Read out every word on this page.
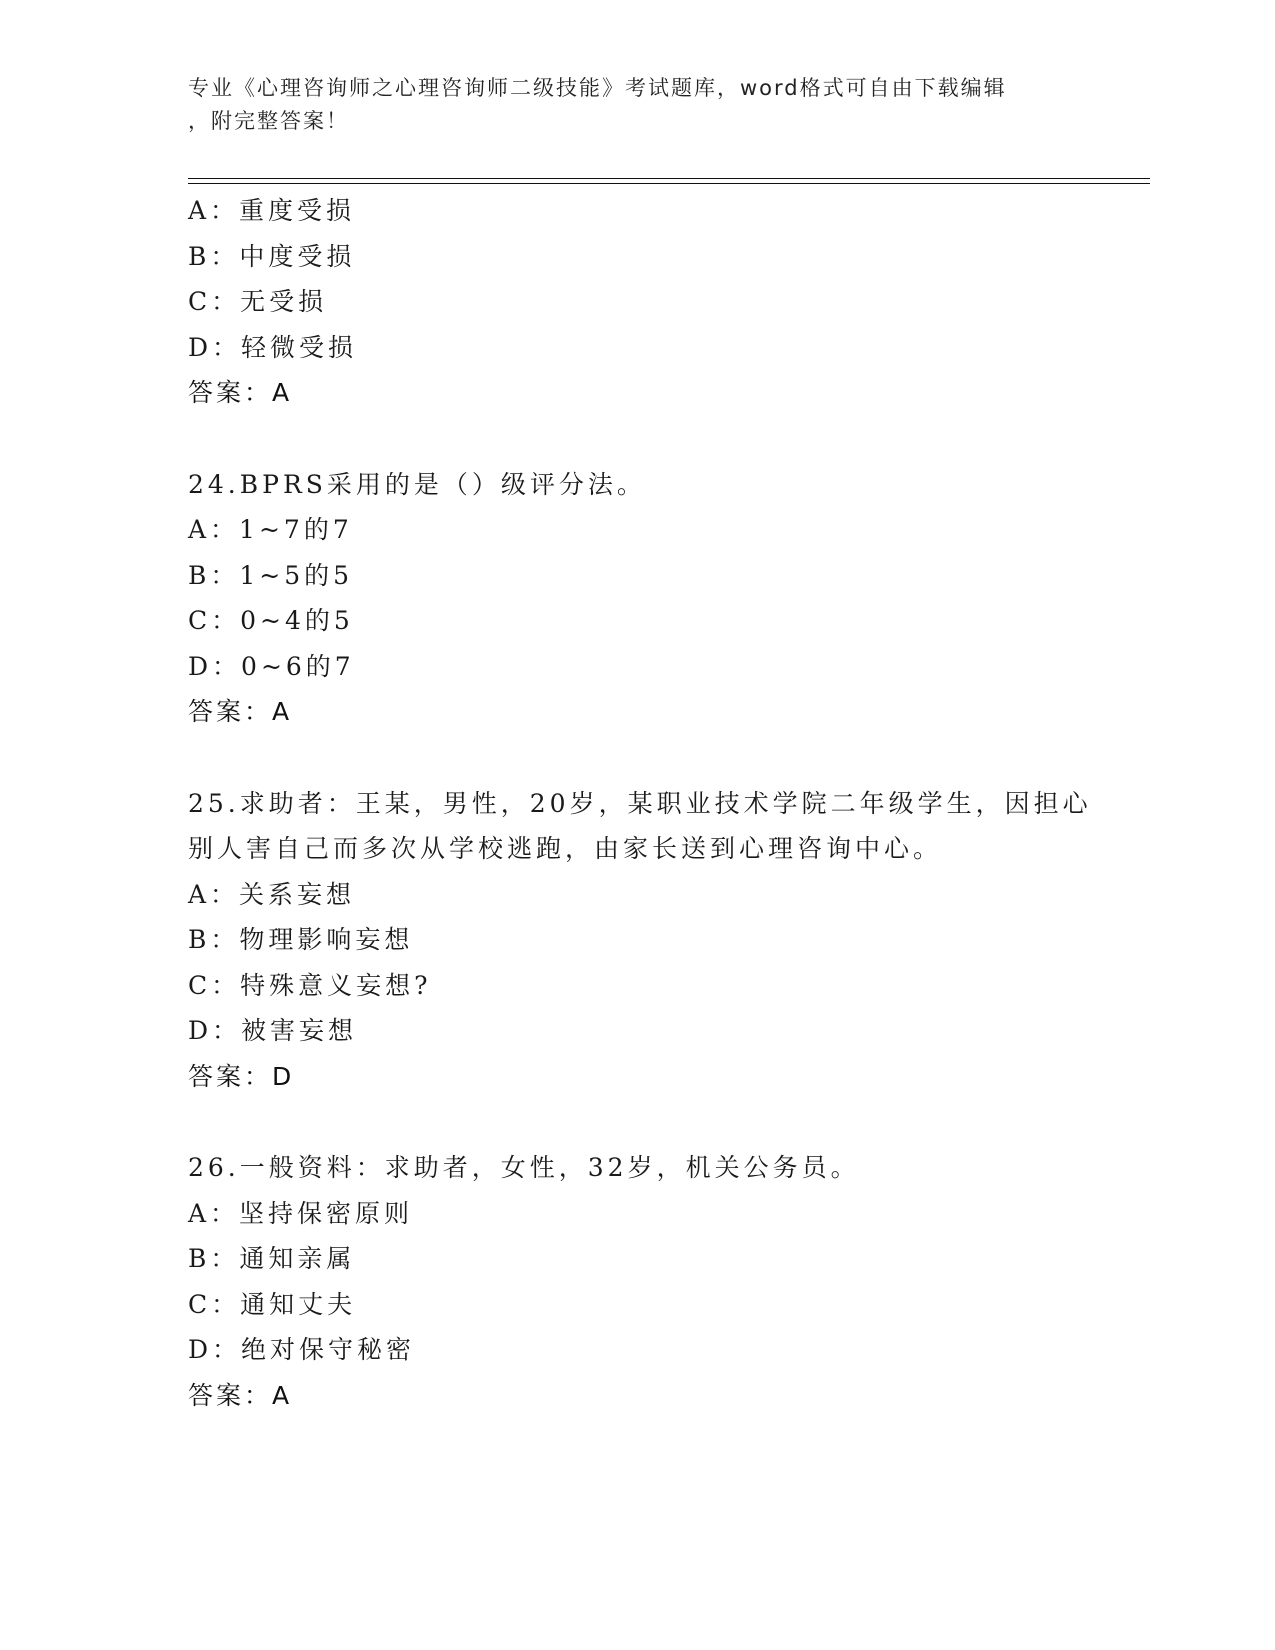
专业《心理咨询师之心理咨询师二级技能》考试题库，word格式可自由下载编辑
，附完整答案！
A：重度受损
B：中度受损
C：无受损
D：轻微受损
答案：A
24.BPRS采用的是（）级评分法。
A：1~7的7
B：1~5的5
C：0~4的5
D：0~6的7
答案：A
25.求助者：王某，男性，20岁，某职业技术学院二年级学生，因担心
别人害自己而多次从学校逃跑，由家长送到心理咨询中心。
A：关系妄想
B：物理影响妄想
C：特殊意义妄想?
D：被害妄想
答案：D
26.一般资料：求助者，女性，32岁，机关公务员。
A：坚持保密原则
B：通知亲属
C：通知丈夫
D：绝对保守秘密
答案：A
